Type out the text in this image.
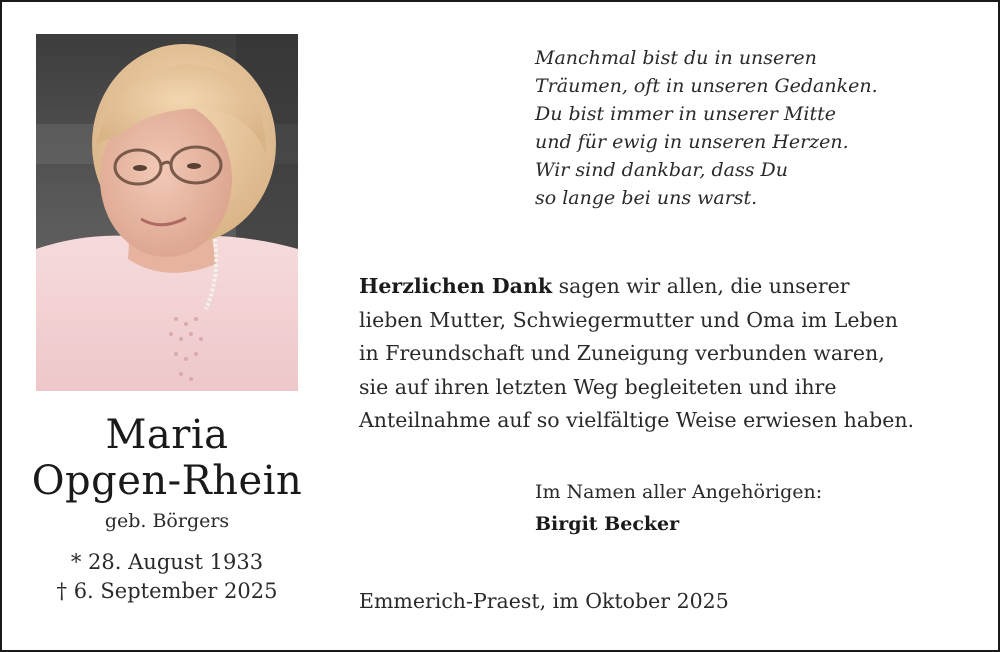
Maria
Opgen-Rhein
geb. Börgers
* 28. August 1933
† 6. September 2025
Manchmal bist du in unseren
Träumen, oft in unseren Gedanken.
Du bist immer in unserer Mitte
und für ewig in unseren Herzen.
Wir sind dankbar, dass Du
so lange bei uns warst.
Herzlichen Dank sagen wir allen, die unserer
lieben Mutter, Schwiegermutter und Oma im Leben
in Freundschaft und Zuneigung verbunden waren,
sie auf ihren letzten Weg begleiteten und ihre
Anteilnahme auf so vielfältige Weise erwiesen haben.
Im Namen aller Angehörigen:
Birgit Becker
Emmerich-Praest, im Oktober 2025
